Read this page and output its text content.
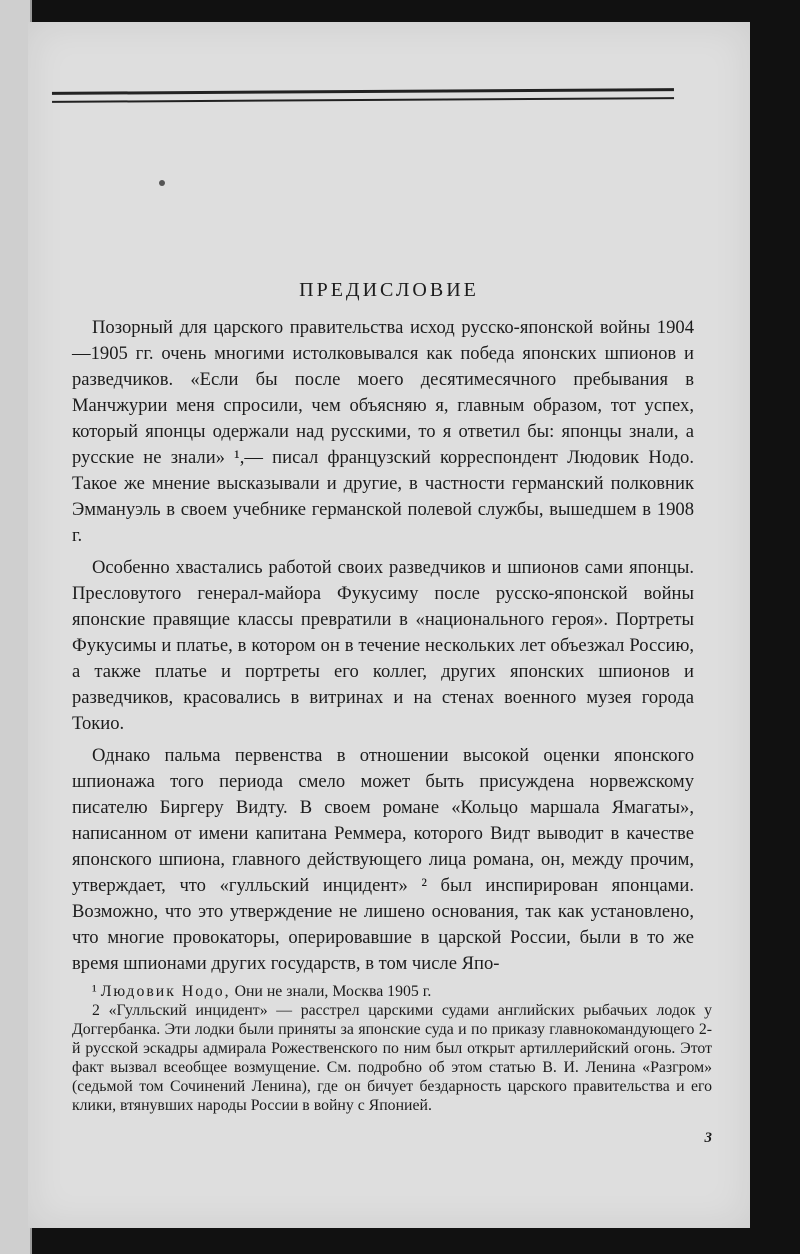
ПРЕДИСЛОВИЕ

Позорный для царского правительства исход русско-японской войны 1904—1905 гг. очень многими истолковывался как победа японских шпионов и разведчиков. «Если бы после моего десятимесячного пребывания в Манчжурии меня спросили, чем объясняю я, главным образом, тот успех, который японцы одержали над русскими, то я ответил бы: японцы знали, а русские не знали» ¹,— писал французский корреспондент Людовик Нодо. Такое же мнение высказывали и другие, в частности германский полковник Эммануэль в своем учебнике германской полевой службы, вышедшем в 1908 г.

Особенно хвастались работой своих разведчиков и шпионов сами японцы. Пресловутого генерал-майора Фукусиму после русско-японской войны японские правящие классы превратили в «национального героя». Портреты Фукусимы и платье, в котором он в течение нескольких лет объезжал Россию, а также платье и портреты его коллег, других японских шпионов и разведчиков, красовались в витринах и на стенах военного музея города Токио.

Однако пальма первенства в отношении высокой оценки японского шпионажа того периода смело может быть присуждена норвежскому писателю Биргеру Видту. В своем романе «Кольцо маршала Ямагаты», написанном от имени капитана Реммера, которого Видт выводит в качестве японского шпиона, главного действующего лица романа, он, между прочим, утверждает, что «гулльский инцидент» ² был инспирирован японцами. Возможно, что это утверждение не лишено основания, так как установлено, что многие провокаторы, оперировавшие в царской России, были в то же время шпионами других государств, в том числе Япо-

¹ Людовик Нодо, Они не знали, Москва 1905 г.

2 «Гулльский инцидент» — расстрел царскими судами английских рыбачьих лодок у Доггербанка. Эти лодки были приняты за японские суда и по приказу главнокомандующего 2-й русской эскадры адмирала Рожественского по ним был открыт артиллерийский огонь. Этот факт вызвал всеобщее возмущение. См. подробно об этом статью В. И. Ленина «Разгром» (седьмой том Сочинений Ленина), где он бичует бездарность царского правительства и его клики, втянувших народы России в войну с Японией.

3
